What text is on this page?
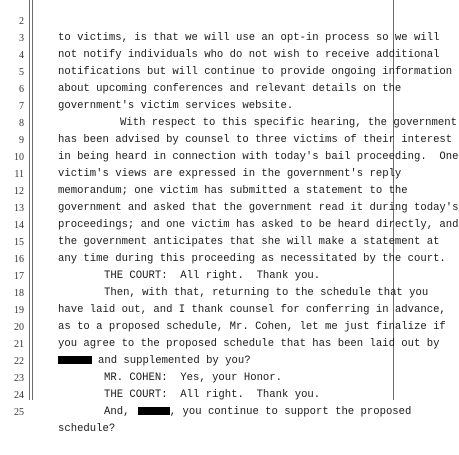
2

to victims, is that we will use an opt-in process so we will

3

not notify individuals who do not wish to receive additional

4

notifications but will continue to provide ongoing information

5

about upcoming conferences and relevant details on the

6

government's victim services website.

7

With respect to this specific hearing, the government

8

has been advised by counsel to three victims of their interest

9

in being heard in connection with today's bail proceeding.  One

10

victim's views are expressed in the government's reply

11

memorandum; one victim has submitted a statement to the

12

government and asked that the government read it during today's

13

proceedings; and one victim has asked to be heard directly, and

14

the government anticipates that she will make a statement at

15

any time during this proceeding as necessitated by the court.

16

THE COURT:  All right.  Thank you.

17

Then, with that, returning to the schedule that you

18

have laid out, and I thank counsel for conferring in advance,

19

as to a proposed schedule, Mr. Cohen, let me just finalize if

20

you agree to the proposed schedule that has been laid out by

21

and supplemented by you?

22

MR. COHEN:  Yes, your Honor.

23

THE COURT:  All right.  Thank you.

24

And,	, you continue to support the proposed

25

schedule?
